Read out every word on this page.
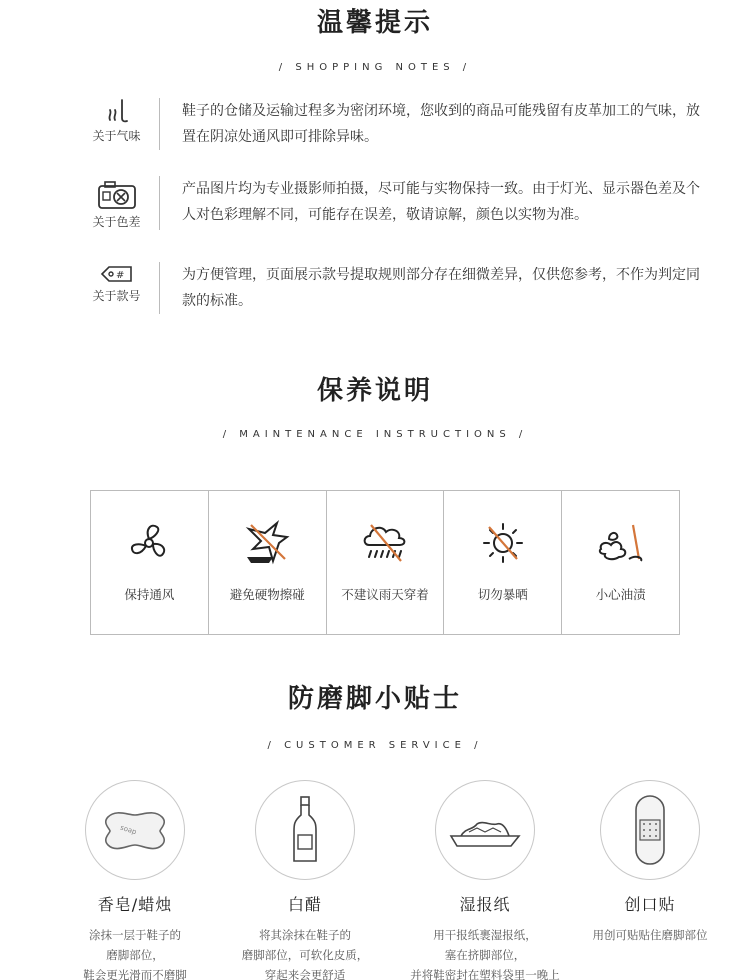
温馨提示
/ SHOPPING NOTES /
关于气味
鞋子的仓储及运输过程多为密闭环境，您收到的商品可能残留有皮革加工的气味，放置在阴凉处通风即可排除异味。
关于色差
产品图片均为专业摄影师拍摄，尽可能与实物保持一致。由于灯光、显示器色差及个人对色彩理解不同，可能存在误差，敬请谅解，颜色以实物为准。
#
关于款号
为方便管理，页面展示款号提取规则部分存在细微差异，仅供您参考，不作为判定同款的标准。
保养说明
/ MAINTENANCE INSTRUCTIONS /
保持通风	避免硬物擦碰	不建议雨天穿着	切勿暴晒	小心油渍
防磨脚小贴士
/ CUSTOMER SERVICE /
soap
香皂/蜡烛
涂抹一层于鞋子的
磨脚部位，
鞋会更光滑而不磨脚
白醋
将其涂抹在鞋子的
磨脚部位，可软化皮质，
穿起来会更舒适
湿报纸
用干报纸裹湿报纸，
塞在挤脚部位，
并将鞋密封在塑料袋里一晚上
创口贴
用创可贴贴住磨脚部位
